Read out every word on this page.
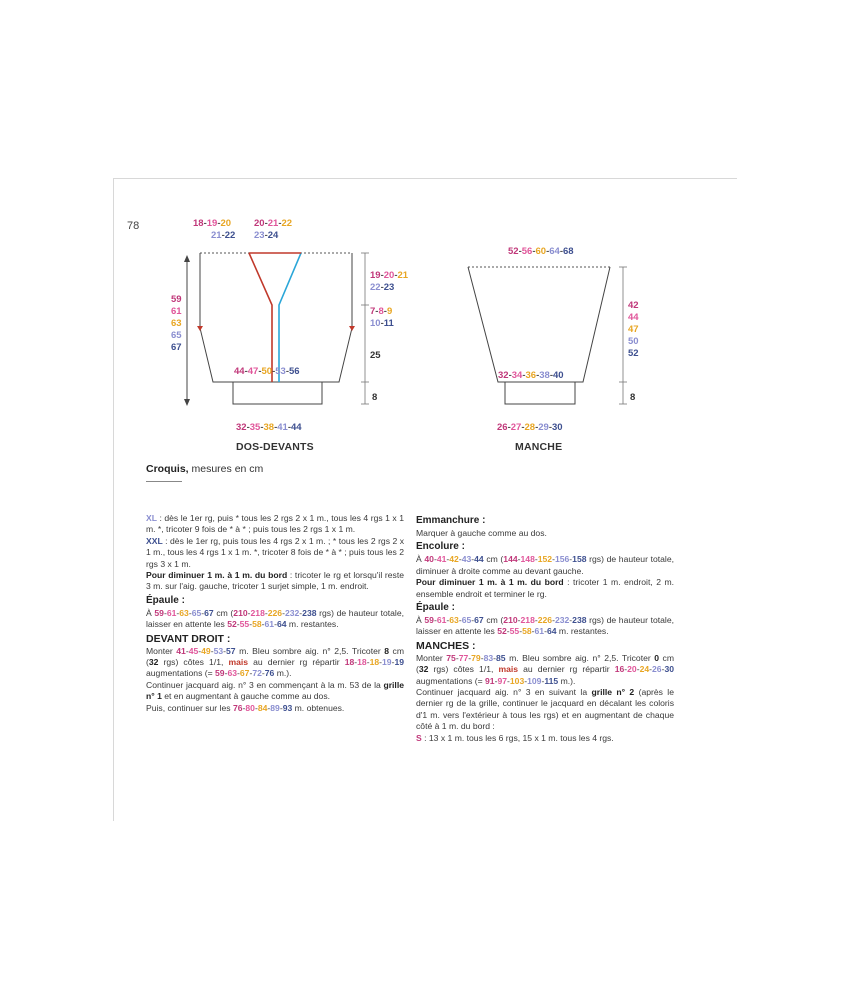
78	18-19-20
21-22
20-21-22
23-24
59
61
63
65
67
19-20-21
22-23
7-8-9
10-11
25
8
44-47-50-53-56
32-35-38-41-44
52-56-60-64-68
42
44
47
50
52
8
32-34-36-38-40
26-27-28-29-30
DOS-DEVANTS	MANCHE
Croquis, mesures en cm

XL : dès le 1er rg, puis * tous les 2 rgs 2 x 1 m., tous les 4 rgs 1 x 1 m. *, tricoter 9 fois de * à * ; puis tous les 2 rgs 1 x 1 m.

XXL : dès le 1er rg, puis tous les 4 rgs 2 x 1 m. ; * tous les 2 rgs 2 x 1 m., tous les 4 rgs 1 x 1 m. *, tricoter 8 fois de * à * ; puis tous les 2 rgs 3 x 1 m.

Pour diminuer 1 m. à 1 m. du bord : tricoter le rg et lorsqu'il reste 3 m. sur l'aig. gauche, tricoter 1 surjet simple, 1 m. endroit.

Épaule :

À 59-61-63-65-67 cm (210-218-226-232-238 rgs) de hauteur totale, laisser en attente les 52-55-58-61-64 m. restantes.

DEVANT DROIT :

Monter 41-45-49-53-57 m. Bleu sombre aig. n° 2,5. Tricoter 8 cm (32 rgs) côtes 1/1, mais au dernier rg répartir 18-18-18-19-19 augmentations (= 59-63-67-72-76 m.).

Continuer jacquard aig. n° 3 en commençant à la m. 53 de la grille n° 1 et en augmentant à gauche comme au dos.

Puis, continuer sur les 76-80-84-89-93 m. obtenues.

Emmanchure :

Marquer à gauche comme au dos.

Encolure :

À 40-41-42-43-44 cm (144-148-152-156-158 rgs) de hauteur totale, diminuer à droite comme au devant gauche.

Pour diminuer 1 m. à 1 m. du bord : tricoter 1 m. endroit, 2 m. ensemble endroit et terminer le rg.

Épaule :

À 59-61-63-65-67 cm (210-218-226-232-238 rgs) de hauteur totale, laisser en attente les 52-55-58-61-64 m. restantes.

MANCHES :

Monter 75-77-79-83-85 m. Bleu sombre aig. n° 2,5. Tricoter 0 cm (32 rgs) côtes 1/1, mais au dernier rg répartir 16-20-24-26-30 augmentations (= 91-97-103-109-115 m.).

Continuer jacquard aig. n° 3 en suivant la grille n° 2 (après le dernier rg de la grille, continuer le jacquard en décalant les coloris d'1 m. vers l'extérieur à tous les rgs) et en augmentant de chaque côté à 1 m. du bord :

S : 13 x 1 m. tous les 6 rgs, 15 x 1 m. tous les 4 rgs.
